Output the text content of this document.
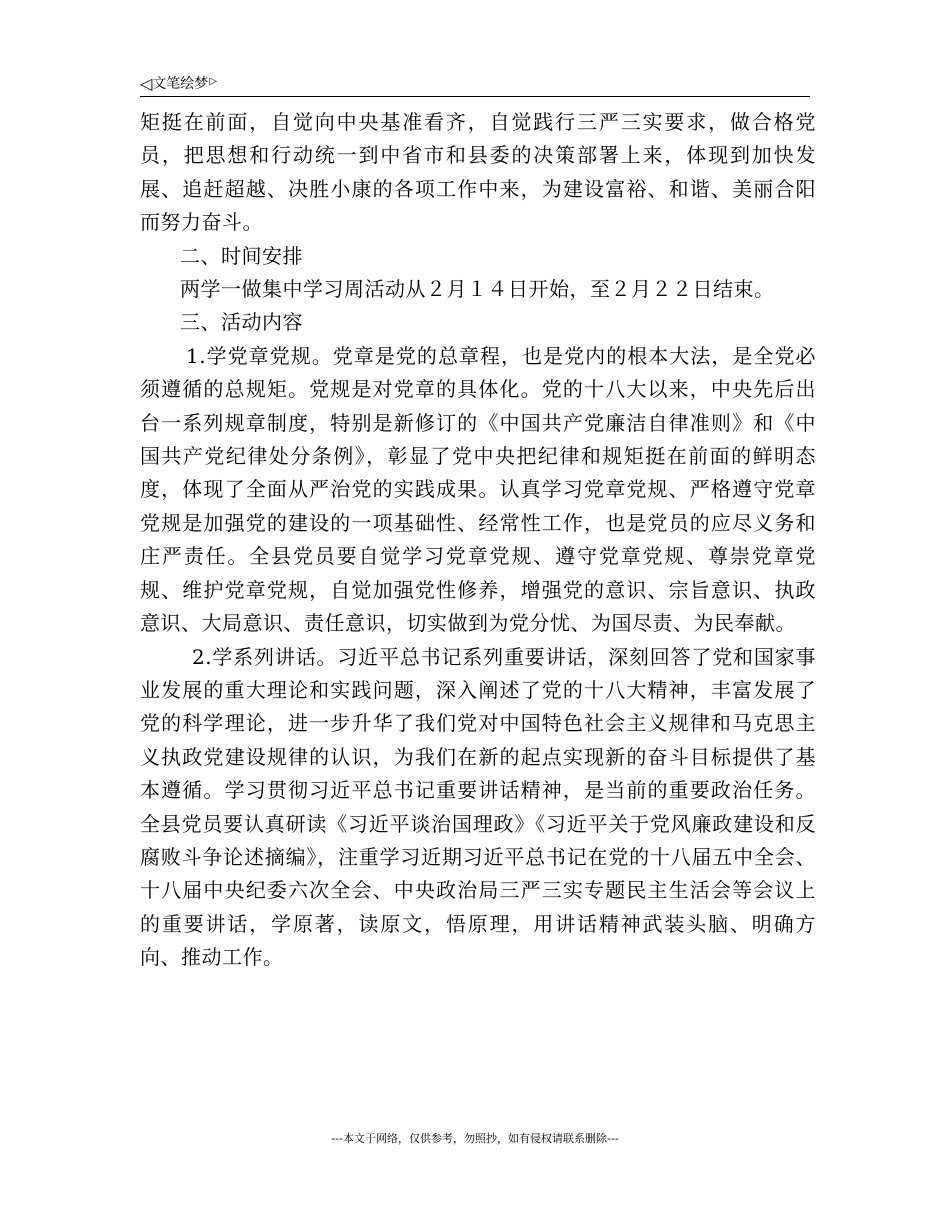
◁文笔绘梦▷

矩挺在前面，自觉向中央基准看齐，自觉践行三严三实要求，做合格党员，把思想和行动统一到中省市和县委的决策部署上来，体现到加快发展、追赶超越、决胜小康的各项工作中来，为建设富裕、和谐、美丽合阳而努力奋斗。

二、时间安排

两学一做集中学习周活动从２月１４日开始，至２月２２日结束。

三、活动内容

1.学党章党规。党章是党的总章程，也是党内的根本大法，是全党必须遵循的总规矩。党规是对党章的具体化。党的十八大以来，中央先后出台一系列规章制度，特别是新修订的《中国共产党廉洁自律准则》和《中国共产党纪律处分条例》，彰显了党中央把纪律和规矩挺在前面的鲜明态度，体现了全面从严治党的实践成果。认真学习党章党规、严格遵守党章党规是加强党的建设的一项基础性、经常性工作，也是党员的应尽义务和庄严责任。全县党员要自觉学习党章党规、遵守党章党规、尊崇党章党规、维护党章党规，自觉加强党性修养，增强党的意识、宗旨意识、执政意识、大局意识、责任意识，切实做到为党分忧、为国尽责、为民奉献。

2.学系列讲话。习近平总书记系列重要讲话，深刻回答了党和国家事业发展的重大理论和实践问题，深入阐述了党的十八大精神，丰富发展了党的科学理论，进一步升华了我们党对中国特色社会主义规律和马克思主义执政党建设规律的认识，为我们在新的起点实现新的奋斗目标提供了基本遵循。学习贯彻习近平总书记重要讲话精神，是当前的重要政治任务。全县党员要认真研读《习近平谈治国理政》《习近平关于党风廉政建设和反腐败斗争论述摘编》，注重学习近期习近平总书记在党的十八届五中全会、十八届中央纪委六次全会、中央政治局三严三实专题民主生活会等会议上的重要讲话，学原著，读原文，悟原理，用讲话精神武装头脑、明确方向、推动工作。

---本文于网络，仅供参考，勿照抄，如有侵权请联系删除---
